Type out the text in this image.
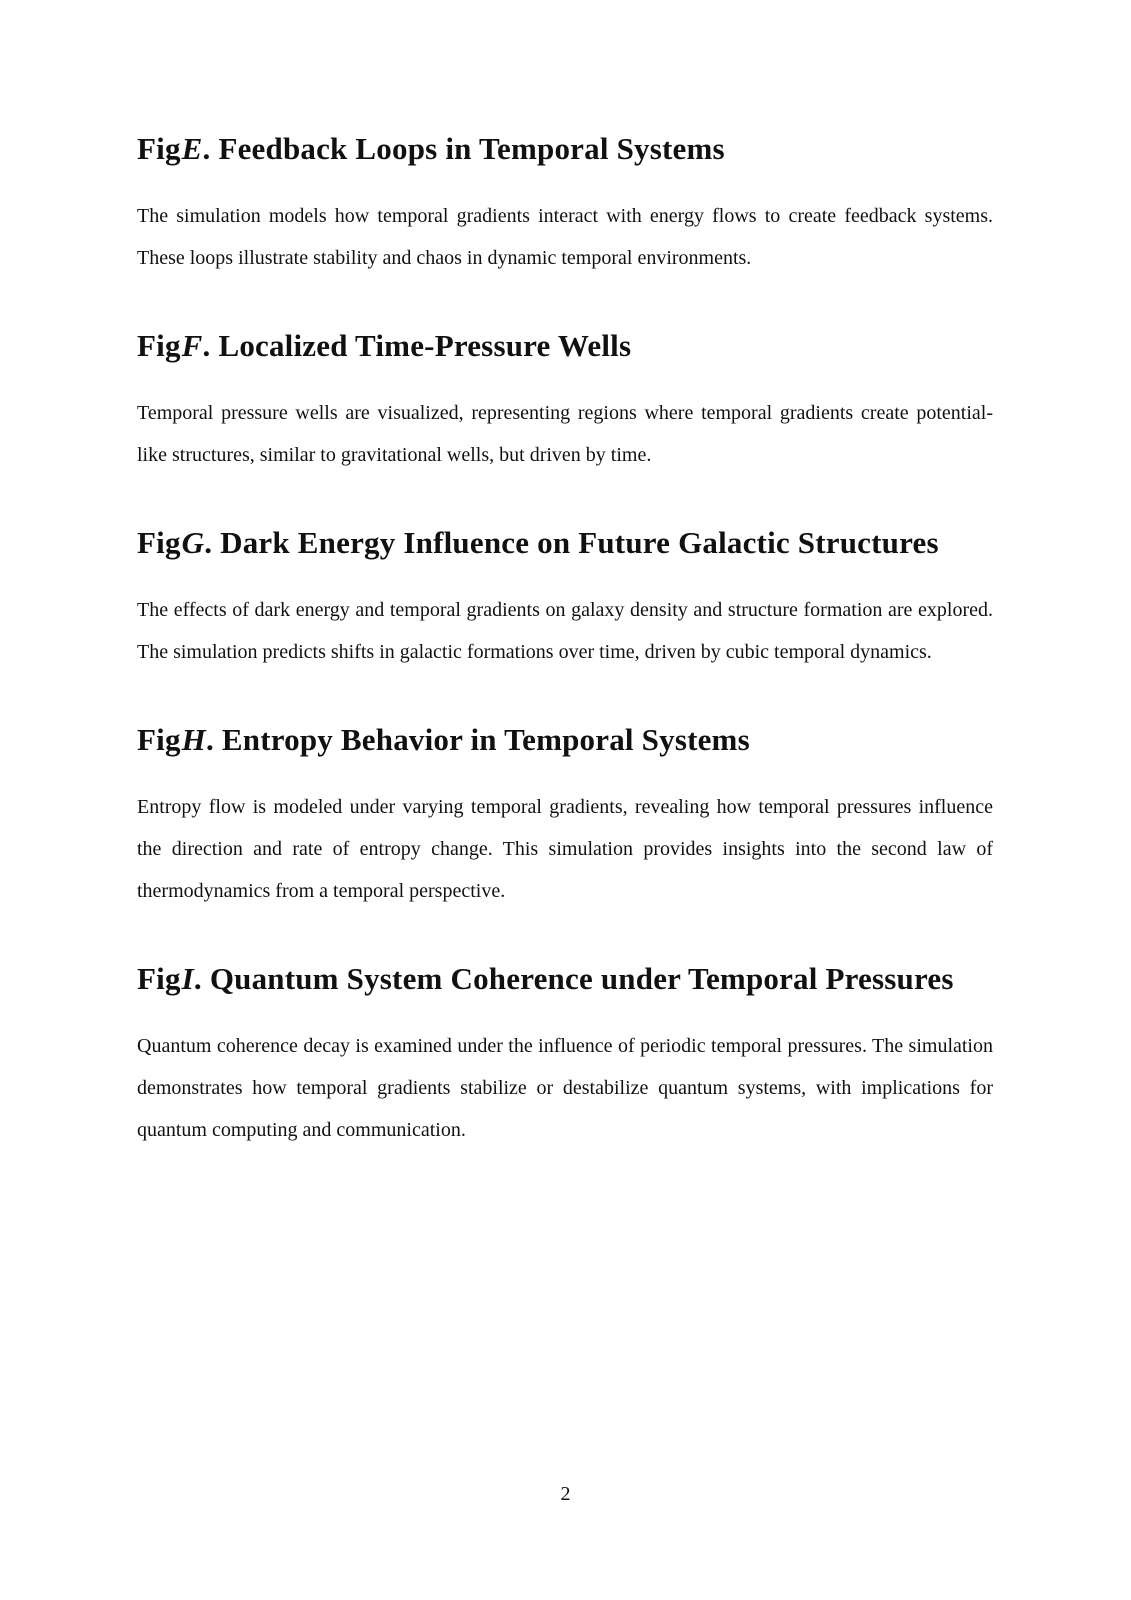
FigE. Feedback Loops in Temporal Systems

The simulation models how temporal gradients interact with energy flows to create feedback systems. These loops illustrate stability and chaos in dynamic temporal environments.

FigF. Localized Time-Pressure Wells

Temporal pressure wells are visualized, representing regions where temporal gradients create potential-like structures, similar to gravitational wells, but driven by time.

FigG. Dark Energy Influence on Future Galactic Structures

The effects of dark energy and temporal gradients on galaxy density and structure formation are explored. The simulation predicts shifts in galactic formations over time, driven by cubic temporal dynamics.

FigH. Entropy Behavior in Temporal Systems

Entropy flow is modeled under varying temporal gradients, revealing how temporal pressures influence the direction and rate of entropy change. This simulation provides insights into the second law of thermodynamics from a temporal perspective.

FigI. Quantum System Coherence under Temporal Pressures

Quantum coherence decay is examined under the influence of periodic temporal pressures. The simulation demonstrates how temporal gradients stabilize or destabilize quantum systems, with implications for quantum computing and communication.

2
